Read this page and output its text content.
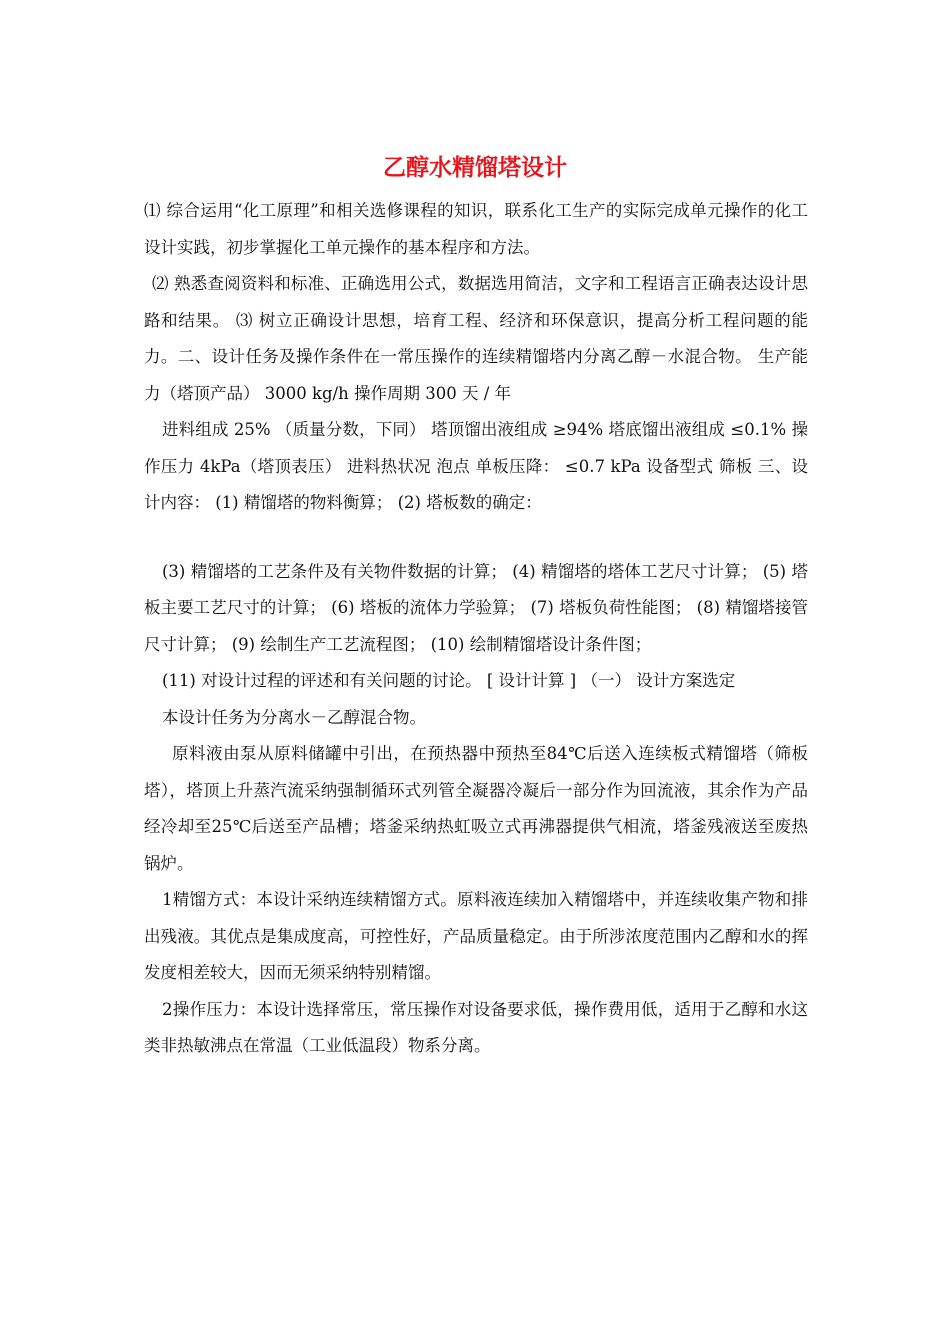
乙醇水精馏塔设计

⑴ 综合运用“化工原理”和相关选修课程的知识，联系化工生产的实际完成单元操作的化工设计实践，初步掌握化工单元操作的基本程序和方法。

⑵ 熟悉查阅资料和标准、正确选用公式，数据选用简洁，文字和工程语言正确表达设计思路和结果。 ⑶ 树立正确设计思想，培育工程、经济和环保意识，提高分析工程问题的能力。二、设计任务及操作条件在一常压操作的连续精馏塔内分离乙醇－水混合物。 生产能力（塔顶产品） 3000 kg/h 操作周期 300 天 / 年

进料组成 25% （质量分数，下同） 塔顶馏出液组成 ≥94% 塔底馏出液组成 ≤0.1% 操作压力 4kPa（塔顶表压） 进料热状况 泡点 单板压降： ≤0.7 kPa 设备型式 筛板 三、设计内容： (1) 精馏塔的物料衡算； (2) 塔板数的确定：

(3) 精馏塔的工艺条件及有关物件数据的计算； (4) 精馏塔的塔体工艺尺寸计算； (5) 塔板主要工艺尺寸的计算； (6) 塔板的流体力学验算； (7) 塔板负荷性能图； (8) 精馏塔接管尺寸计算； (9) 绘制生产工艺流程图； (10) 绘制精馏塔设计条件图；

(11) 对设计过程的评述和有关问题的讨论。 [ 设计计算 ] （一） 设计方案选定

本设计任务为分离水－乙醇混合物。

原料液由泵从原料储罐中引出，在预热器中预热至84℃后送入连续板式精馏塔（筛板塔），塔顶上升蒸汽流采纳强制循环式列管全凝器冷凝后一部分作为回流液，其余作为产品经冷却至25℃后送至产品槽；塔釜采纳热虹吸立式再沸器提供气相流，塔釜残液送至废热锅炉。

1精馏方式：本设计采纳连续精馏方式。原料液连续加入精馏塔中，并连续收集产物和排出残液。其优点是集成度高，可控性好，产品质量稳定。由于所涉浓度范围内乙醇和水的挥发度相差较大，因而无须采纳特别精馏。

2操作压力：本设计选择常压，常压操作对设备要求低，操作费用低，适用于乙醇和水这类非热敏沸点在常温（工业低温段）物系分离。
